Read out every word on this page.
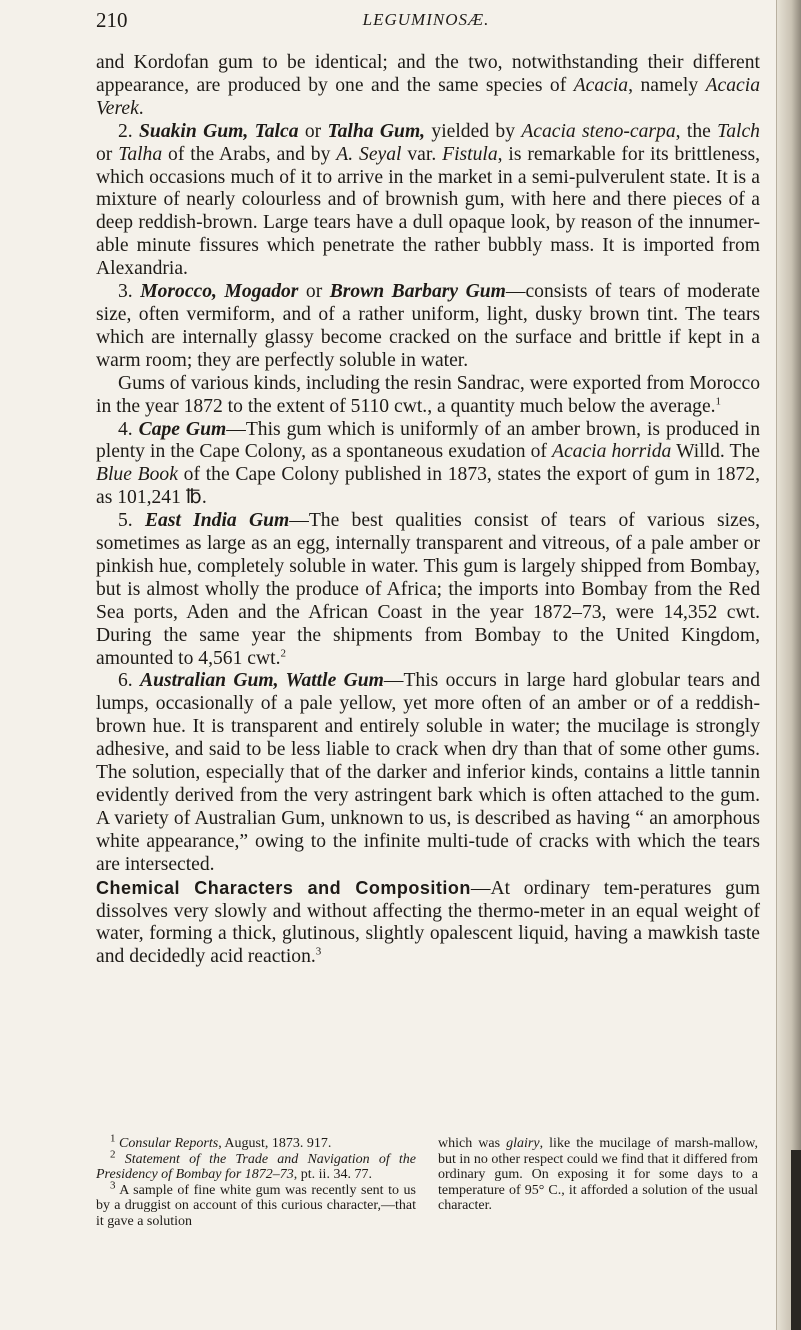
210	LEGUMINOSÆ.

and Kordofan gum to be identical; and the two, notwithstanding their different appearance, are produced by one and the same species of Acacia, namely Acacia Verek.

2. Suakin Gum, Talca or Talha Gum, yielded by Acacia steno-carpa, the Talch or Talha of the Arabs, and by A. Seyal var. Fistula, is remarkable for its brittleness, which occasions much of it to arrive in the market in a semi-pulverulent state. It is a mixture of nearly colourless and of brownish gum, with here and there pieces of a deep reddish-brown. Large tears have a dull opaque look, by reason of the innumer-able minute fissures which penetrate the rather bubbly mass. It is imported from Alexandria.

3. Morocco, Mogador or Brown Barbary Gum—consists of tears of moderate size, often vermiform, and of a rather uniform, light, dusky brown tint. The tears which are internally glassy become cracked on the surface and brittle if kept in a warm room; they are perfectly soluble in water.

Gums of various kinds, including the resin Sandrac, were exported from Morocco in the year 1872 to the extent of 5110 cwt., a quantity much below the average.$^1$

4. Cape Gum—This gum which is uniformly of an amber brown, is produced in plenty in the Cape Colony, as a spontaneous exudation of Acacia horrida Willd. The Blue Book of the Cape Colony published in 1873, states the export of gum in 1872, as 101,241 ℔.

5. East India Gum—The best qualities consist of tears of various sizes, sometimes as large as an egg, internally transparent and vitreous, of a pale amber or pinkish hue, completely soluble in water. This gum is largely shipped from Bombay, but is almost wholly the produce of Africa; the imports into Bombay from the Red Sea ports, Aden and the African Coast in the year 1872–73, were 14,352 cwt. During the same year the shipments from Bombay to the United Kingdom, amounted to 4,561 cwt.$^2$

6. Australian Gum, Wattle Gum—This occurs in large hard globular tears and lumps, occasionally of a pale yellow, yet more often of an amber or of a reddish-brown hue. It is transparent and entirely soluble in water; the mucilage is strongly adhesive, and said to be less liable to crack when dry than that of some other gums. The solution, especially that of the darker and inferior kinds, contains a little tannin evidently derived from the very astringent bark which is often attached to the gum. A variety of Australian Gum, unknown to us, is described as having “ an amorphous white appearance,” owing to the infinite multi-tude of cracks with which the tears are intersected.

Chemical Characters and Composition—At ordinary tem-peratures gum dissolves very slowly and without affecting the thermo-meter in an equal weight of water, forming a thick, glutinous, slightly opalescent liquid, having a mawkish taste and decidedly acid reaction.$^3$

$^1$ Consular Reports, August, 1873. 917.

$^2$ Statement of the Trade and Navigation of the Presidency of Bombay for 1872–73, pt. ii. 34. 77.

$^3$ A sample of fine white gum was recently sent to us by a druggist on account of this curious character,—that it gave a solution

which was glairy, like the mucilage of marsh-mallow, but in no other respect could we find that it differed from ordinary gum. On exposing it for some days to a temperature of 95° C., it afforded a solution of the usual character.
